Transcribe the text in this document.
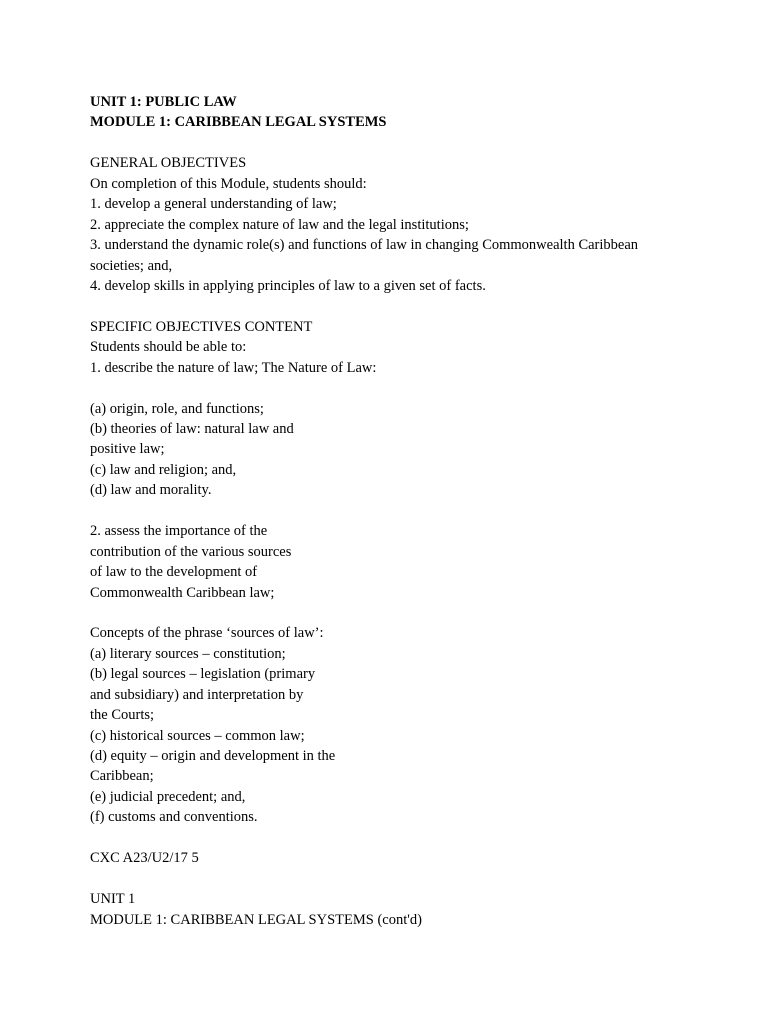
UNIT 1: PUBLIC LAW
MODULE 1: CARIBBEAN LEGAL SYSTEMS
GENERAL OBJECTIVES
On completion of this Module, students should:
1. develop a general understanding of law;
2. appreciate the complex nature of law and the legal institutions;
3. understand the dynamic role(s) and functions of law in changing Commonwealth Caribbean
societies; and,
4. develop skills in applying principles of law to a given set of facts.
SPECIFIC OBJECTIVES CONTENT
Students should be able to:
1. describe the nature of law; The Nature of Law:
(a) origin, role, and functions;
(b) theories of law: natural law and
positive law;
(c) law and religion; and,
(d) law and morality.
2. assess the importance of the
contribution of the various sources
of law to the development of
Commonwealth Caribbean law;
Concepts of the phrase ‘sources of law’:
(a) literary sources – constitution;
(b) legal sources – legislation (primary
and subsidiary) and interpretation by
the Courts;
(c) historical sources – common law;
(d) equity – origin and development in the
Caribbean;
(e) judicial precedent; and,
(f) customs and conventions.
CXC A23/U2/17 5
UNIT 1
MODULE 1: CARIBBEAN LEGAL SYSTEMS (cont'd)
